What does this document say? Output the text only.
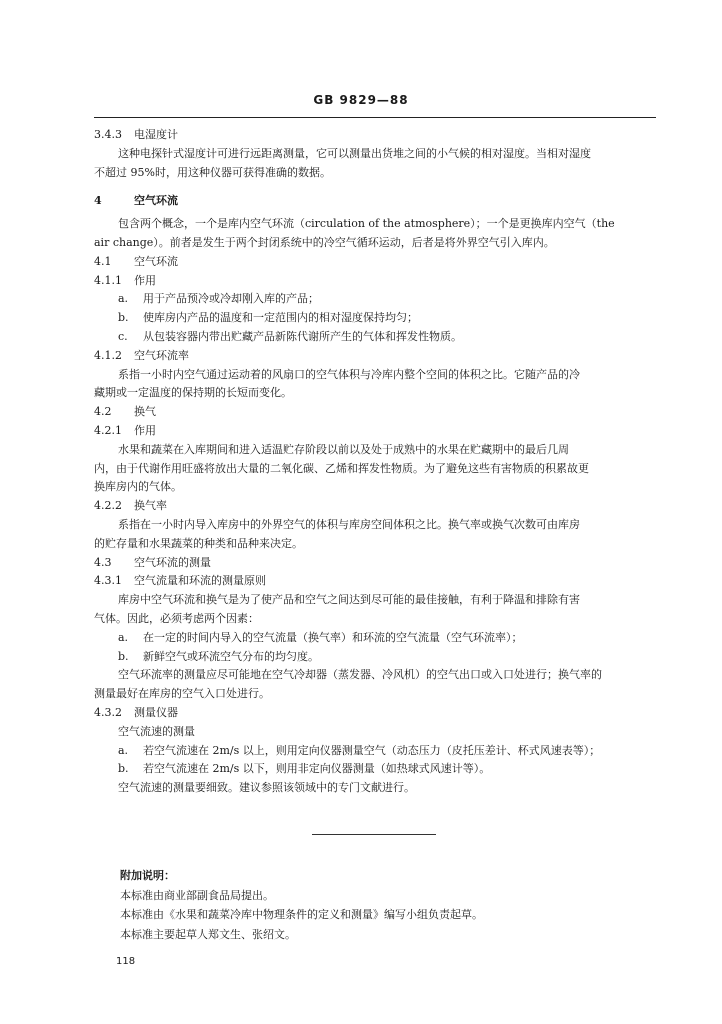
GB 9829—88

3.4.3 电湿度计

这种电探针式湿度计可进行远距离测量，它可以测量出货堆之间的小气候的相对湿度。当相对湿度

不超过 95%时，用这种仪器可获得准确的数据。

4	空气环流

包含两个概念，一个是库内空气环流（circulation of the atmosphere）；一个是更换库内空气（the

air change）。前者是发生于两个封闭系统中的冷空气循环运动，后者是将外界空气引入库内。

4.1 空气环流

4.1.1 作用

a. 用于产品预冷或冷却刚入库的产品；

b. 使库房内产品的温度和一定范围内的相对湿度保持均匀；

c. 从包装容器内带出贮藏产品新陈代谢所产生的气体和挥发性物质。

4.1.2 空气环流率

系指一小时内空气通过运动着的风扇口的空气体积与冷库内整个空间的体积之比。它随产品的冷

藏期或一定温度的保持期的长短而变化。

4.2 换气

4.2.1 作用

水果和蔬菜在入库期间和进入适温贮存阶段以前以及处于成熟中的水果在贮藏期中的最后几周

内，由于代谢作用旺盛将放出大量的二氧化碳、乙烯和挥发性物质。为了避免这些有害物质的积累故更

换库房内的气体。

4.2.2 换气率

系指在一小时内导入库房中的外界空气的体积与库房空间体积之比。换气率或换气次数可由库房

的贮存量和水果蔬菜的种类和品种来决定。

4.3 空气环流的测量

4.3.1 空气流量和环流的测量原则

库房中空气环流和换气是为了使产品和空气之间达到尽可能的最佳接触，有利于降温和排除有害

气体。因此，必须考虑两个因素：

a. 在一定的时间内导入的空气流量（换气率）和环流的空气流量（空气环流率）；

b. 新鲜空气或环流空气分布的均匀度。

空气环流率的测量应尽可能地在空气冷却器（蒸发器、冷风机）的空气出口或入口处进行；换气率的

测量最好在库房的空气入口处进行。

4.3.2 测量仪器

空气流速的测量

a. 若空气流速在 2m/s 以上，则用定向仪器测量空气（动态压力（皮托压差计、杯式风速表等）；

b. 若空气流速在 2m/s 以下，则用非定向仪器测量（如热球式风速计等）。

空气流速的测量要细致。建议参照该领域中的专门文献进行。

附加说明：

本标准由商业部副食品局提出。

本标准由《水果和蔬菜冷库中物理条件的定义和测量》编写小组负责起草。

本标准主要起草人郑文生、张绍文。

118
